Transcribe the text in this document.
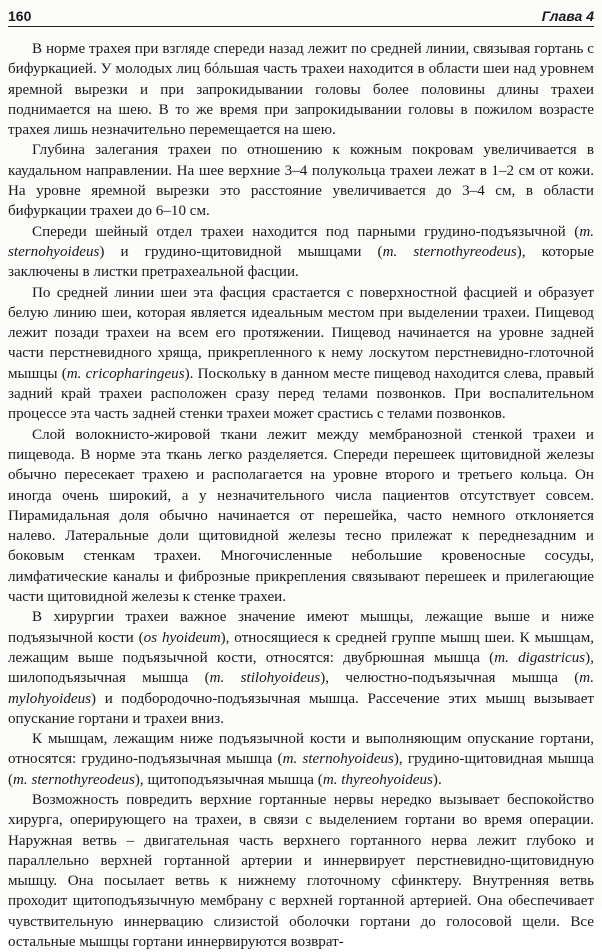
160	Глава 4

В норме трахея при взгляде спереди назад лежит по средней линии, связывая гортань с бифуркацией. У молодых лиц бóльшая часть трахеи находится в области шеи над уровнем яремной вырезки и при запрокидывании головы более половины длины трахеи поднимается на шею. В то же время при запрокидывании головы в пожилом возрасте трахея лишь незначительно перемещается на шею.

Глубина залегания трахеи по отношению к кожным покровам увеличивается в каудальном направлении. На шее верхние 3–4 полукольца трахеи лежат в 1–2 см от кожи. На уровне яремной вырезки это расстояние увеличивается до 3–4 см, в области бифуркации трахеи до 6–10 см.

Спереди шейный отдел трахеи находится под парными грудино-подъязычной (m. sternohyoideus) и грудино-щитовидной мышцами (m. sternothyreodeus), которые заключены в листки претрахеальной фасции.

По средней линии шеи эта фасция срастается с поверхностной фасцией и образует белую линию шеи, которая является идеальным местом при выделении трахеи. Пищевод лежит позади трахеи на всем его протяжении. Пищевод начинается на уровне задней части перстневидного хряща, прикрепленного к нему лоскутом перстневидно-глоточной мышцы (m. cricopharingeus). Поскольку в данном месте пищевод находится слева, правый задний край трахеи расположен сразу перед телами позвонков. При воспалительном процессе эта часть задней стенки трахеи может срастись с телами позвонков.

Слой волокнисто-жировой ткани лежит между мембранозной стенкой трахеи и пищевода. В норме эта ткань легко разделяется. Спереди перешеек щитовидной железы обычно пересекает трахею и располагается на уровне второго и третьего кольца. Он иногда очень широкий, а у незначительного числа пациентов отсутствует совсем. Пирамидальная доля обычно начинается от перешейка, часто немного отклоняется налево. Латеральные доли щитовидной железы тесно прилежат к переднезадним и боковым стенкам трахеи. Многочисленные небольшие кровеносные сосуды, лимфатические каналы и фиброзные прикрепления связывают перешеек и прилегающие части щитовидной железы к стенке трахеи.

В хирургии трахеи важное значение имеют мышцы, лежащие выше и ниже подъязычной кости (os hyoideum), относящиеся к средней группе мышц шеи. К мышцам, лежащим выше подъязычной кости, относятся: двубрюшная мышца (m. digastricus), шилоподъязычная мышца (m. stilohyoideus), челюстно-подъязычная мышца (m. mylohyoideus) и подбородочно-подъязычная мышца. Рассечение этих мышц вызывает опускание гортани и трахеи вниз.

К мышцам, лежащим ниже подъязычной кости и выполняющим опускание гортани, относятся: грудино-подъязычная мышца (m. sternohyoideus), грудино-щитовидная мышца (m. sternothyreodeus), щитоподъязычная мышца (m. thyreohyoideus).

Возможность повредить верхние гортанные нервы нередко вызывает беспокойство хирурга, оперирующего на трахеи, в связи с выделением гортани во время операции. Наружная ветвь – двигательная часть верхнего гортанного нерва лежит глубоко и параллельно верхней гортанной артерии и иннервирует перстневидно-щитовидную мышцу. Она посылает ветвь к нижнему глоточному сфинктеру. Внутренняя ветвь проходит щитоподъязычную мембрану с верхней гортанной артерией. Она обеспечивает чувствительную иннервацию слизистой оболочки гортани до голосовой щели. Все остальные мышцы гортани иннервируются возврат-
